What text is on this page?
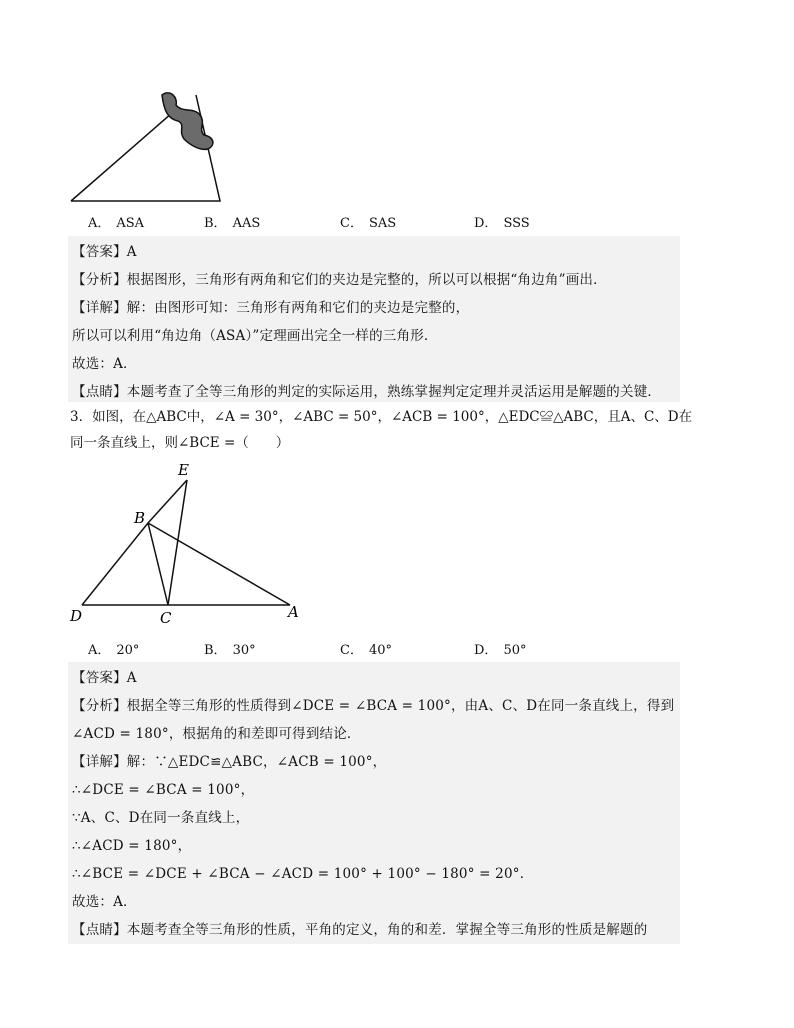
A． ASA	B． AAS	C． SAS	D． SSS
【答案】A
【分析】根据图形，三角形有两角和它们的夹边是完整的，所以可以根据“角边角”画出．
【详解】解：由图形可知：三角形有两角和它们的夹边是完整的，
所以可以利用“角边角（ASA）”定理画出完全一样的三角形．
故选：A．
【点睛】本题考查了全等三角形的判定的实际运用，熟练掌握判定定理并灵活运用是解题的关键．
3．如图，在△ABC中，∠A = 30°，∠ABC = 50°，∠ACB = 100°，△EDC≌△ABC，且A、C、D在
同一条直线上，则∠BCE =（　　）
E
B
D	C	A
A． 20°	B． 30°	C． 40°	D． 50°
【答案】A
【分析】根据全等三角形的性质得到∠DCE = ∠BCA = 100°，由A、C、D在同一条直线上，得到
∠ACD = 180°，根据角的和差即可得到结论．
【详解】解：∵△EDC≌△ABC，∠ACB = 100°，
∴∠DCE = ∠BCA = 100°，
∵A、C、D在同一条直线上，
∴∠ACD = 180°，
∴∠BCE = ∠DCE + ∠BCA − ∠ACD = 100° + 100° − 180° = 20°．
故选：A．
【点睛】本题考查全等三角形的性质，平角的定义，角的和差．掌握全等三角形的性质是解题的
